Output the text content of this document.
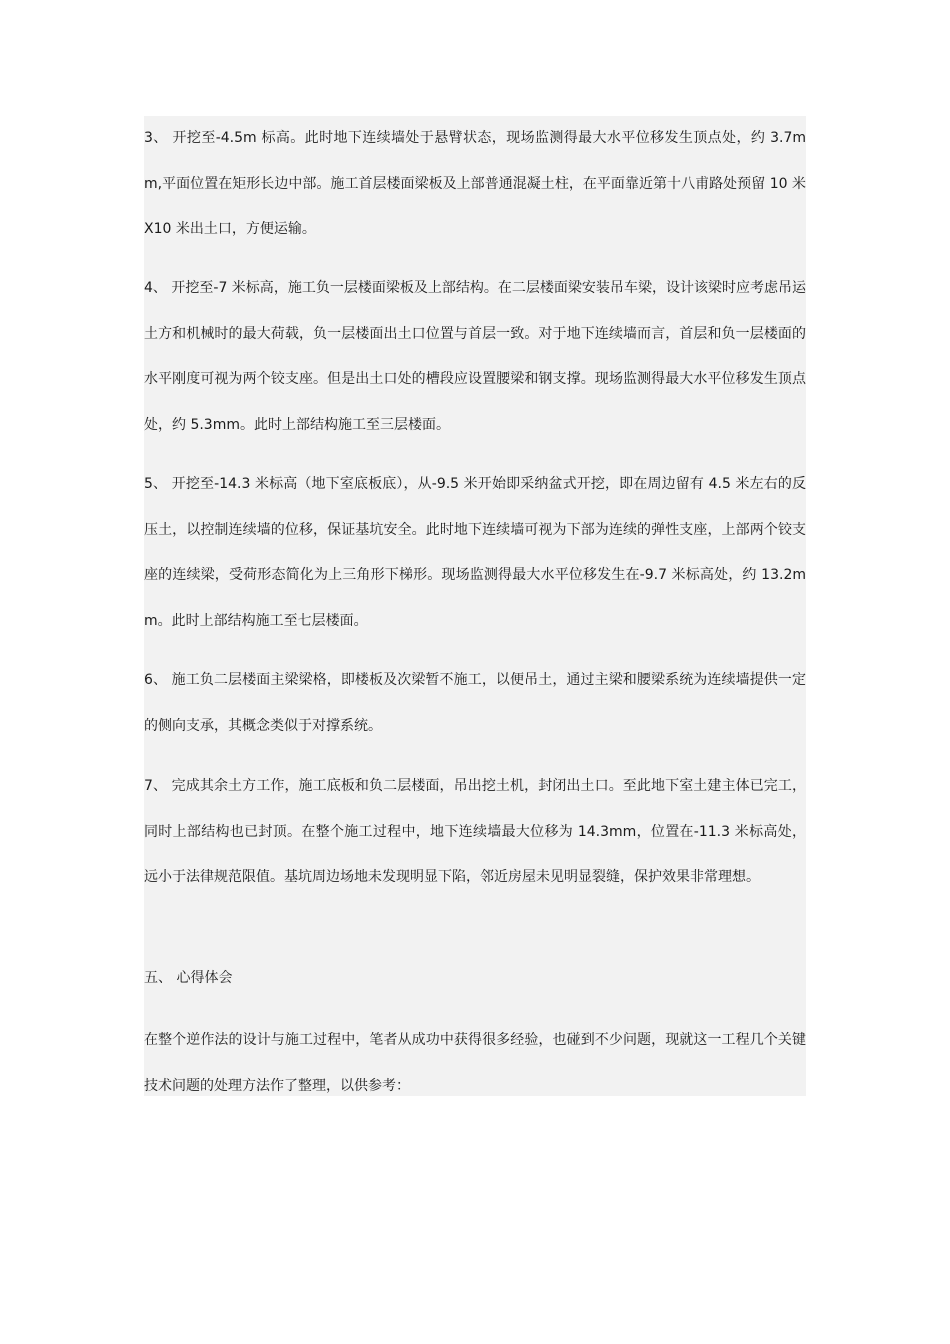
3、 开挖至-4.5m 标高。此时地下连续墙处于悬臂状态，现场监测得最大水平位移发生顶点处，约 3.7mm,平面位置在矩形长边中部。施工首层楼面梁板及上部普通混凝土柱，在平面靠近第十八甫路处预留 10 米 X10 米出土口，方便运输。
4、 开挖至-7 米标高，施工负一层楼面梁板及上部结构。在二层楼面梁安装吊车梁，设计该梁时应考虑吊运土方和机械时的最大荷载，负一层楼面出土口位置与首层一致。对于地下连续墙而言，首层和负一层楼面的水平刚度可视为两个铰支座。但是出土口处的槽段应设置腰梁和钢支撑。现场监测得最大水平位移发生顶点处，约 5.3mm。此时上部结构施工至三层楼面。
5、 开挖至-14.3 米标高（地下室底板底），从-9.5 米开始即采纳盆式开挖，即在周边留有 4.5 米左右的反压土，以控制连续墙的位移，保证基坑安全。此时地下连续墙可视为下部为连续的弹性支座，上部两个铰支座的连续梁，受荷形态简化为上三角形下梯形。现场监测得最大水平位移发生在-9.7 米标高处，约 13.2mm。此时上部结构施工至七层楼面。
6、 施工负二层楼面主梁梁格，即楼板及次梁暂不施工，以便吊土，通过主梁和腰梁系统为连续墙提供一定的侧向支承，其概念类似于对撑系统。
7、 完成其余土方工作，施工底板和负二层楼面，吊出挖土机，封闭出土口。至此地下室土建主体已完工，同时上部结构也已封顶。在整个施工过程中，地下连续墙最大位移为 14.3mm，位置在-11.3 米标高处，远小于法律规范限值。基坑周边场地未发现明显下陷，邻近房屋未见明显裂缝，保护效果非常理想。
五、 心得体会
在整个逆作法的设计与施工过程中，笔者从成功中获得很多经验，也碰到不少问题，现就这一工程几个关键技术问题的处理方法作了整理，以供参考：
